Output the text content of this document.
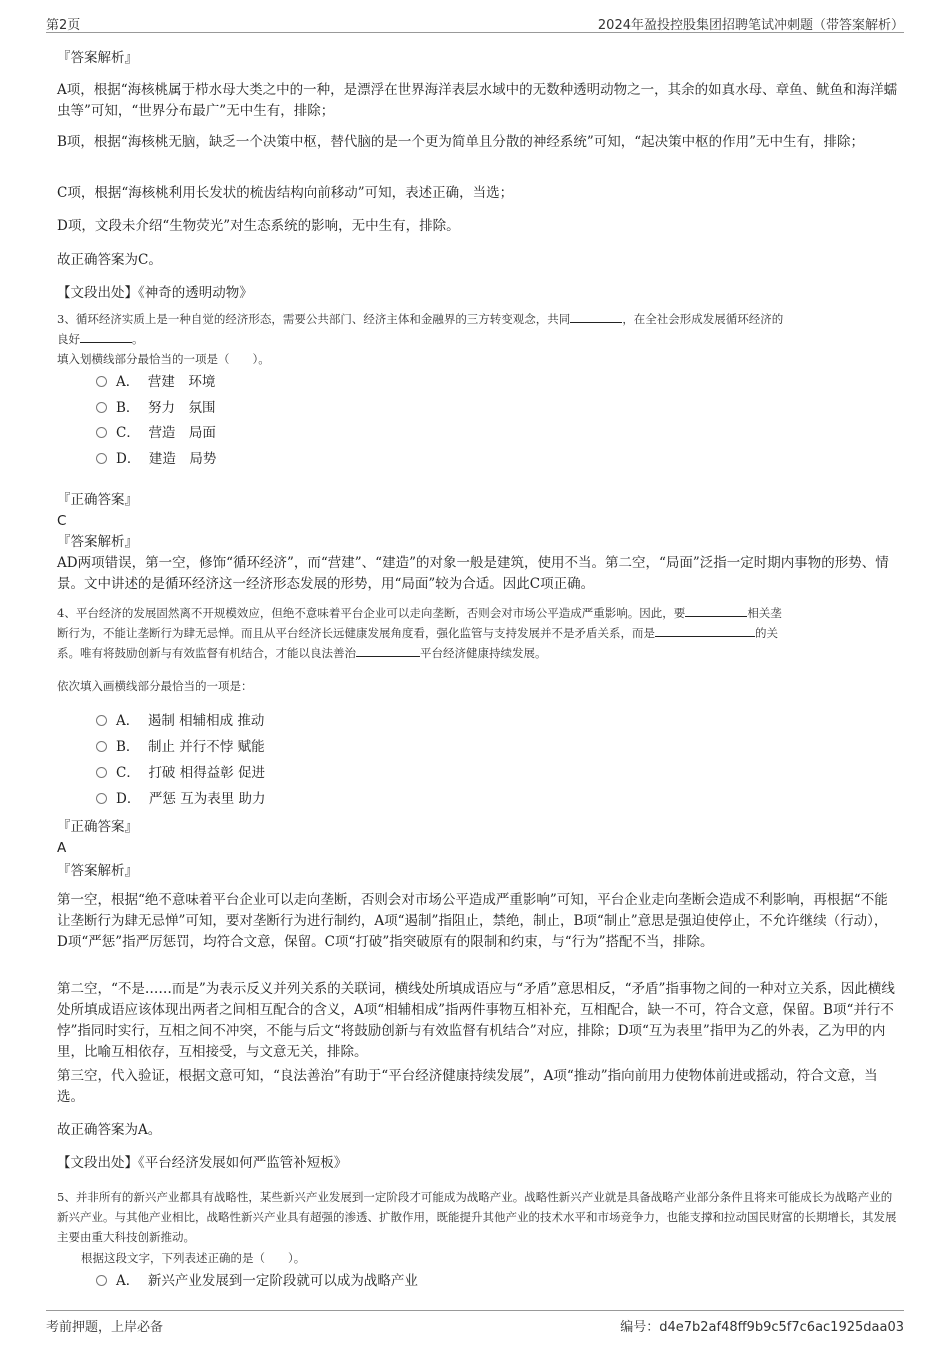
第2页	2024年盈投控股集团招聘笔试冲刺题（带答案解析）

『答案解析』

A项，根据“海核桃属于栉水母大类之中的一种，是漂浮在世界海洋表层水域中的无数种透明动物之一，其余的如真水母、章鱼、鱿鱼和海洋蠕虫等”可知，“世界分布最广”无中生有，排除；

B项，根据“海核桃无脑，缺乏一个决策中枢，替代脑的是一个更为简单且分散的神经系统”可知，“起决策中枢的作用”无中生有，排除；

C项，根据“海核桃利用长发状的梳齿结构向前移动”可知，表述正确，当选；

D项，文段未介绍“生物荧光”对生态系统的影响，无中生有，排除。

故正确答案为C。

【文段出处】《神奇的透明动物》

3、循环经济实质上是一种自觉的经济形态，需要公共部门、经济主体和金融界的三方转变观念，共同	，在全社会形成发展循环经济的
良好	。

填入划横线部分最恰当的一项是（　　）。

A． 营建　环境
B． 努力　氛围
C． 营造　局面
D． 建造　局势

『正确答案』

C

『答案解析』

AD两项错误，第一空，修饰“循环经济”，而“营建”、“建造”的对象一般是建筑，使用不当。第二空，“局面”泛指一定时期内事物的形势、情景。文中讲述的是循环经济这一经济形态发展的形势，用“局面”较为合适。因此C项正确。

4、平台经济的发展固然离不开规模效应，但绝不意味着平台企业可以走向垄断，否则会对市场公平造成严重影响。因此，要	相关垄
断行为，不能让垄断行为肆无忌惮。而且从平台经济长远健康发展角度看，强化监管与支持发展并不是矛盾关系，而是	的关
系。唯有将鼓励创新与有效监督有机结合，才能以良法善治	平台经济健康持续发展。

依次填入画横线部分最恰当的一项是：

A． 遏制 相辅相成 推动
B． 制止 并行不悖 赋能
C． 打破 相得益彰 促进
D． 严惩 互为表里 助力

『正确答案』

A

『答案解析』

第一空，根据“绝不意味着平台企业可以走向垄断，否则会对市场公平造成严重影响”可知，平台企业走向垄断会造成不利影响，再根据“不能让垄断行为肆无忌惮”可知，要对垄断行为进行制约，A项“遏制”指阻止，禁绝，制止，B项“制止”意思是强迫使停止，不允许继续（行动），D项“严惩”指严厉惩罚，均符合文意，保留。C项“打破”指突破原有的限制和约束，与“行为”搭配不当，排除。

第二空，“不是……而是”为表示反义并列关系的关联词，横线处所填成语应与“矛盾”意思相反，“矛盾”指事物之间的一种对立关系，因此横线处所填成语应该体现出两者之间相互配合的含义，A项“相辅相成”指两件事物互相补充，互相配合，缺一不可，符合文意，保留。B项“并行不悖”指同时实行，互相之间不冲突，不能与后文“将鼓励创新与有效监督有机结合”对应，排除；D项“互为表里”指甲为乙的外表，乙为甲的内里，比喻互相依存，互相接受，与文意无关，排除。

第三空，代入验证，根据文意可知，“良法善治”有助于“平台经济健康持续发展”，A项“推动”指向前用力使物体前进或摇动，符合文意，当选。

故正确答案为A。

【文段出处】《平台经济发展如何严监管补短板》

5、并非所有的新兴产业都具有战略性，某些新兴产业发展到一定阶段才可能成为战略产业。战略性新兴产业就是具备战略产业部分条件且将来可能成长为战略产业的新兴产业。与其他产业相比，战略性新兴产业具有超强的渗透、扩散作用，既能提升其他产业的技术水平和市场竞争力，也能支撑和拉动国民财富的长期增长，其发展主要由重大科技创新推动。

根据这段文字，下列表述正确的是（　　）。

A． 新兴产业发展到一定阶段就可以成为战略产业
考前押题，上岸必备	编号：d4e7b2af48ff9b9c5f7c6ac1925daa03
